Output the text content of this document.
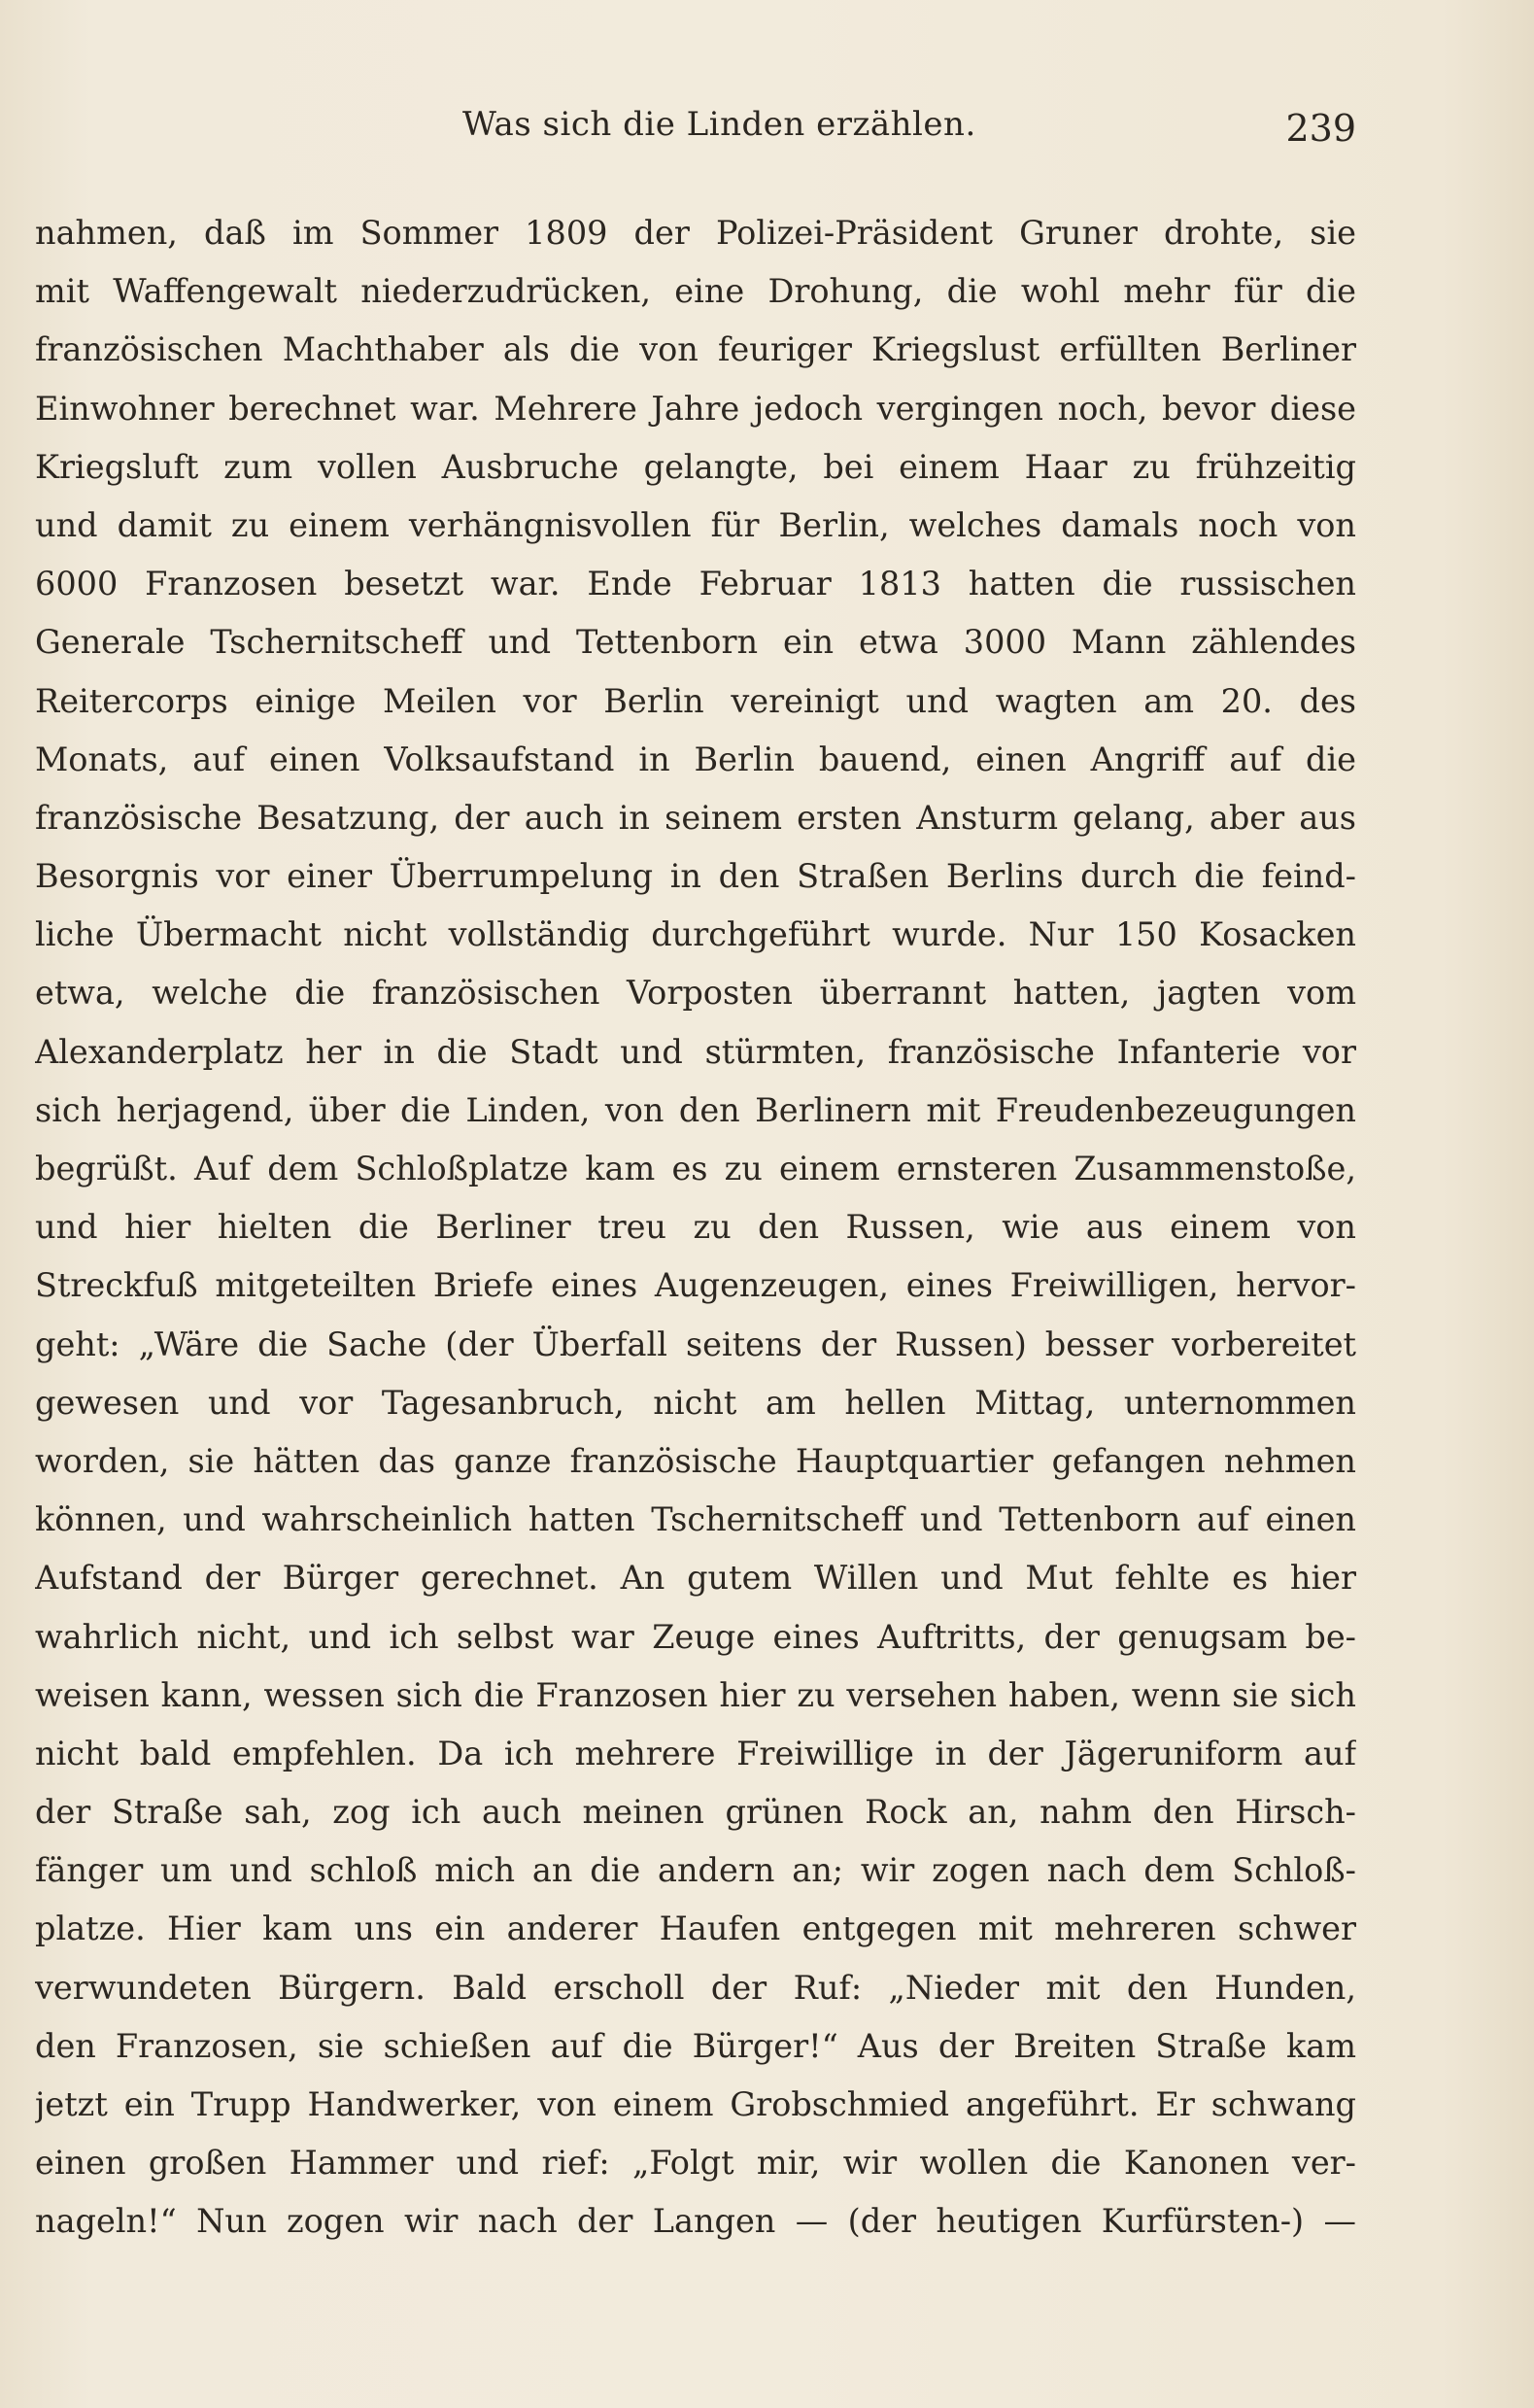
Was sich die Linden erzählen.	239
nahmen, daß im Sommer 1809 der Polizei-Präsident Gruner drohte, sie
mit Waffengewalt niederzudrücken, eine Drohung, die wohl mehr für die
französischen Machthaber als die von feuriger Kriegslust erfüllten Berliner
Einwohner berechnet war. Mehrere Jahre jedoch vergingen noch, bevor diese
Kriegsluft zum vollen Ausbruche gelangte, bei einem Haar zu frühzeitig
und damit zu einem verhängnisvollen für Berlin, welches damals noch von
6000 Franzosen besetzt war. Ende Februar 1813 hatten die russischen
Generale Tschernitscheff und Tettenborn ein etwa 3000 Mann zählendes
Reitercorps einige Meilen vor Berlin vereinigt und wagten am 20. des
Monats, auf einen Volksaufstand in Berlin bauend, einen Angriff auf die
französische Besatzung, der auch in seinem ersten Ansturm gelang, aber aus
Besorgnis vor einer Überrumpelung in den Straßen Berlins durch die feind-
liche Übermacht nicht vollständig durchgeführt wurde. Nur 150 Kosacken
etwa, welche die französischen Vorposten überrannt hatten, jagten vom
Alexanderplatz her in die Stadt und stürmten, französische Infanterie vor
sich herjagend, über die Linden, von den Berlinern mit Freudenbezeugungen
begrüßt. Auf dem Schloßplatze kam es zu einem ernsteren Zusammenstoße,
und hier hielten die Berliner treu zu den Russen, wie aus einem von
Streckfuß mitgeteilten Briefe eines Augenzeugen, eines Freiwilligen, hervor-
geht: „Wäre die Sache (der Überfall seitens der Russen) besser vorbereitet
gewesen und vor Tagesanbruch, nicht am hellen Mittag, unternommen
worden, sie hätten das ganze französische Hauptquartier gefangen nehmen
können, und wahrscheinlich hatten Tschernitscheff und Tettenborn auf einen
Aufstand der Bürger gerechnet. An gutem Willen und Mut fehlte es hier
wahrlich nicht, und ich selbst war Zeuge eines Auftritts, der genugsam be-
weisen kann, wessen sich die Franzosen hier zu versehen haben, wenn sie sich
nicht bald empfehlen. Da ich mehrere Freiwillige in der Jägeruniform auf
der Straße sah, zog ich auch meinen grünen Rock an, nahm den Hirsch-
fänger um und schloß mich an die andern an; wir zogen nach dem Schloß-
platze. Hier kam uns ein anderer Haufen entgegen mit mehreren schwer
verwundeten Bürgern. Bald erscholl der Ruf: „Nieder mit den Hunden,
den Franzosen, sie schießen auf die Bürger!“ Aus der Breiten Straße kam
jetzt ein Trupp Handwerker, von einem Grobschmied angeführt. Er schwang
einen großen Hammer und rief: „Folgt mir, wir wollen die Kanonen ver-
nageln!“ Nun zogen wir nach der Langen — (der heutigen Kurfürsten-) —
